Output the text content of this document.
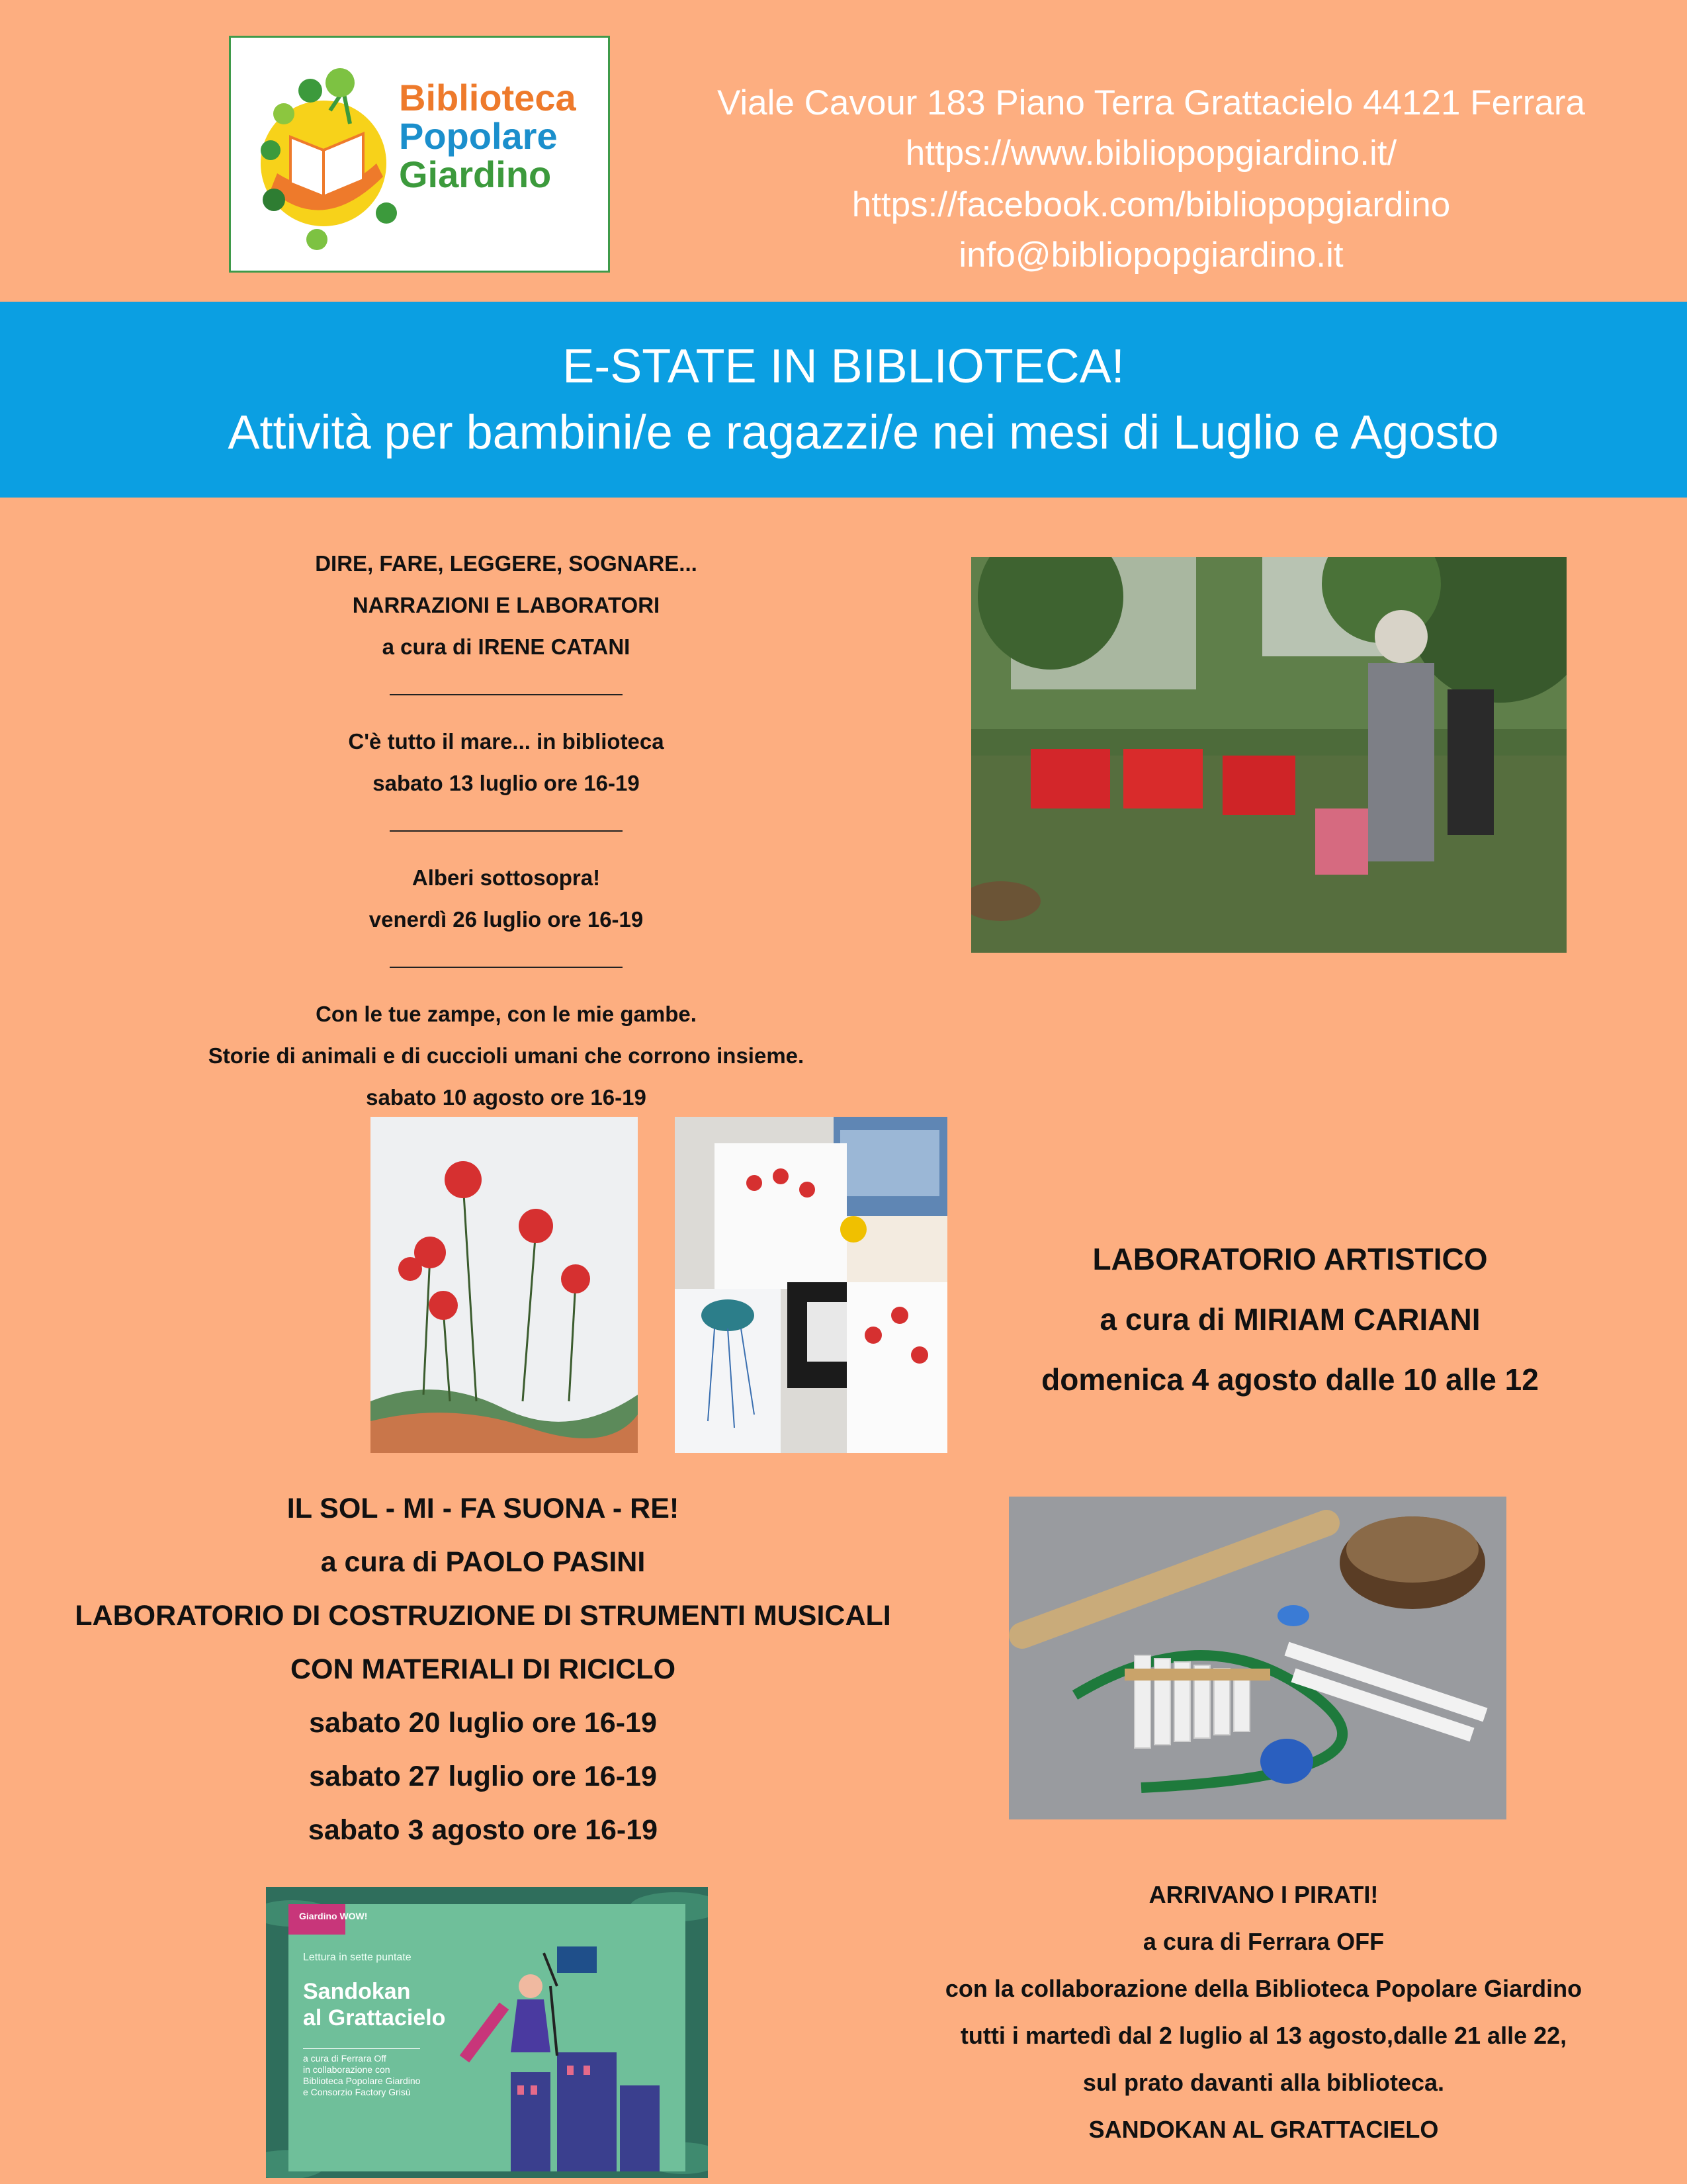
Biblioteca
Popolare
Giardino
Viale Cavour 183 Piano Terra Grattacielo 44121 Ferrara
https://www.bibliopopgiardino.it/
https://facebook.com/bibliopopgiardino
info@bibliopopgiardino.it
E-STATE IN BIBLIOTECA!
Attività per bambini/e e ragazzi/e nei mesi di Luglio e Agosto
DIRE, FARE, LEGGERE, SOGNARE...
NARRAZIONI E LABORATORI
a cura di IRENE CATANI
C'è tutto il mare... in biblioteca
sabato 13 luglio ore 16-19
Alberi sottosopra!
venerdì 26 luglio ore 16-19
Con le tue zampe, con le mie gambe.
Storie di animali e di cuccioli umani che corrono insieme.
sabato 10 agosto ore 16-19
LABORATORIO ARTISTICO
a cura di MIRIAM CARIANI
domenica 4 agosto dalle 10 alle 12
IL SOL - MI - FA SUONA - RE!
a cura di PAOLO PASINI
LABORATORIO DI COSTRUZIONE DI STRUMENTI MUSICALI
CON MATERIALI DI RICICLO
sabato 20 luglio ore 16-19
sabato 27 luglio ore 16-19
sabato 3 agosto ore 16-19
Giardino WOW!
Lettura in sette puntate
Sandokan
al Grattacielo
a cura di Ferrara Off
in collaborazione con
Biblioteca Popolare Giardino
e Consorzio Factory Grisù
ARRIVANO I PIRATI!
a cura di Ferrara OFF
con la collaborazione della Biblioteca Popolare Giardino
tutti i martedì dal 2 luglio al 13 agosto,dalle 21 alle 22,
sul prato davanti alla biblioteca.
SANDOKAN AL GRATTACIELO
